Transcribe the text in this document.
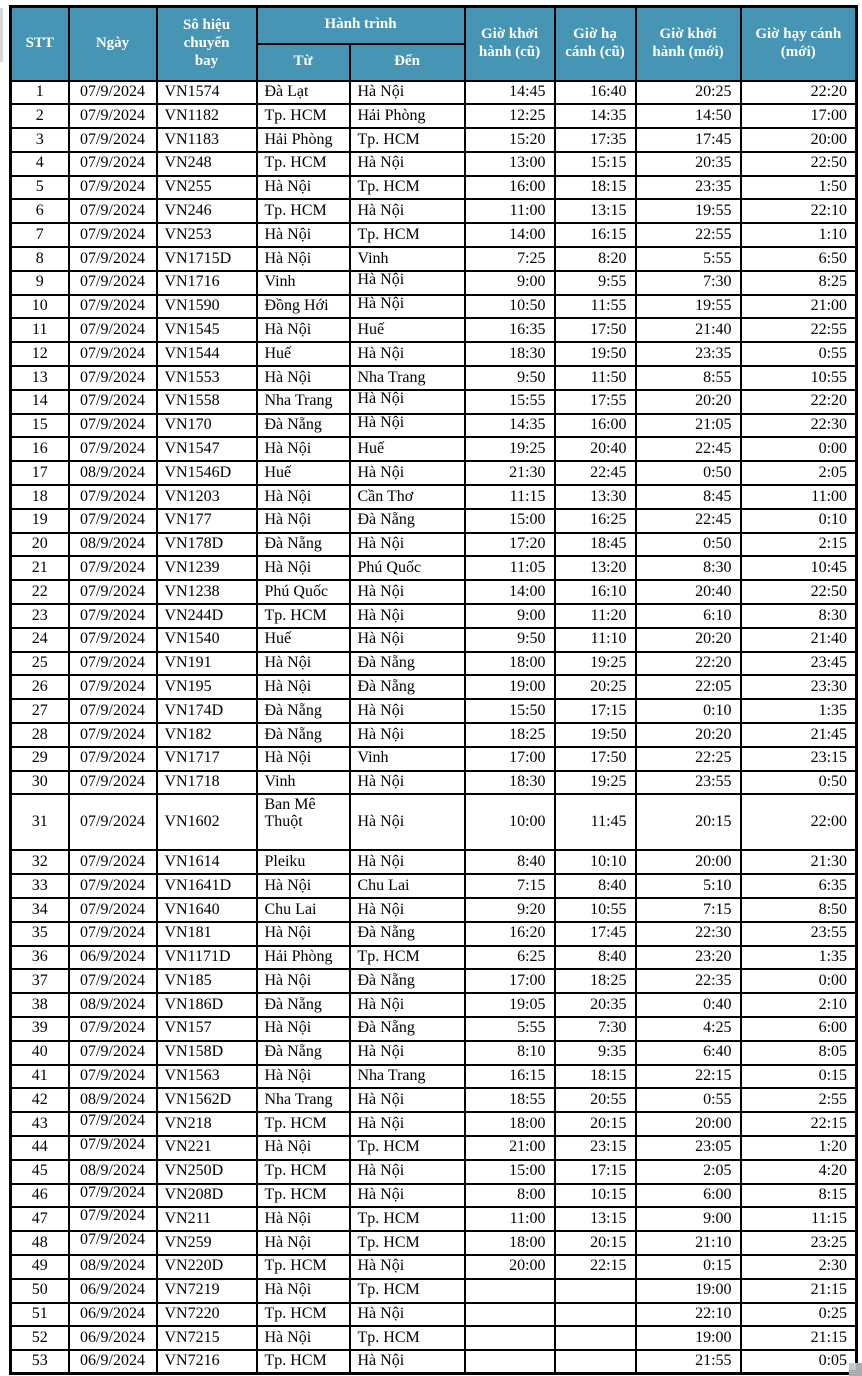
STT	Ngày	Sô hiệu chuyến bay	Hành trình		Giờ khởi hành (cũ)	Giờ hạ cánh (cũ)	Giờ khởi hành (mới)	Giờ hạy cánh (mới)
			Từ	Đến				
1	07/9/2024	VN1574	Đà Lạt	Hà Nội	14:45	16:40	20:25	22:20
2	07/9/2024	VN1182	Tp. HCM	Hải Phòng	12:25	14:35	14:50	17:00
3	07/9/2024	VN1183	Hải Phòng	Tp. HCM	15:20	17:35	17:45	20:00
4	07/9/2024	VN248	Tp. HCM	Hà Nội	13:00	15:15	20:35	22:50
5	07/9/2024	VN255	Hà Nội	Tp. HCM	16:00	18:15	23:35	1:50
6	07/9/2024	VN246	Tp. HCM	Hà Nội	11:00	13:15	19:55	22:10
7	07/9/2024	VN253	Hà Nội	Tp. HCM	14:00	16:15	22:55	1:10
8	07/9/2024	VN1715D	Hà Nội	Vinh	7:25	8:20	5:55	6:50
9	07/9/2024	VN1716	Vinh	Hà Nội	9:00	9:55	7:30	8:25
10	07/9/2024	VN1590	Đồng Hới	Hà Nội	10:50	11:55	19:55	21:00
11	07/9/2024	VN1545	Hà Nội	Huế	16:35	17:50	21:40	22:55
12	07/9/2024	VN1544	Huế	Hà Nội	18:30	19:50	23:35	0:55
13	07/9/2024	VN1553	Hà Nội	Nha Trang	9:50	11:50	8:55	10:55
14	07/9/2024	VN1558	Nha Trang	Hà Nội	15:55	17:55	20:20	22:20
15	07/9/2024	VN170	Đà Nẵng	Hà Nội	14:35	16:00	21:05	22:30
16	07/9/2024	VN1547	Hà Nội	Huế	19:25	20:40	22:45	0:00
17	08/9/2024	VN1546D	Huế	Hà Nội	21:30	22:45	0:50	2:05
18	07/9/2024	VN1203	Hà Nội	Cần Thơ	11:15	13:30	8:45	11:00
19	07/9/2024	VN177	Hà Nội	Đà Nẵng	15:00	16:25	22:45	0:10
20	08/9/2024	VN178D	Đà Nẵng	Hà Nội	17:20	18:45	0:50	2:15
21	07/9/2024	VN1239	Hà Nội	Phú Quốc	11:05	13:20	8:30	10:45
22	07/9/2024	VN1238	Phú Quốc	Hà Nội	14:00	16:10	20:40	22:50
23	07/9/2024	VN244D	Tp. HCM	Hà Nội	9:00	11:20	6:10	8:30
24	07/9/2024	VN1540	Huế	Hà Nội	9:50	11:10	20:20	21:40
25	07/9/2024	VN191	Hà Nội	Đà Nẵng	18:00	19:25	22:20	23:45
26	07/9/2024	VN195	Hà Nội	Đà Nẵng	19:00	20:25	22:05	23:30
27	07/9/2024	VN174D	Đà Nẵng	Hà Nội	15:50	17:15	0:10	1:35
28	07/9/2024	VN182	Đà Nẵng	Hà Nội	18:25	19:50	20:20	21:45
29	07/9/2024	VN1717	Hà Nội	Vinh	17:00	17:50	22:25	23:15
30	07/9/2024	VN1718	Vinh	Hà Nội	18:30	19:25	23:55	0:50
31	07/9/2024	VN1602	Ban Mê Thuột	Hà Nội	10:00	11:45	20:15	22:00
32	07/9/2024	VN1614	Pleiku	Hà Nội	8:40	10:10	20:00	21:30
33	07/9/2024	VN1641D	Hà Nội	Chu Lai	7:15	8:40	5:10	6:35
34	07/9/2024	VN1640	Chu Lai	Hà Nội	9:20	10:55	7:15	8:50
35	07/9/2024	VN181	Hà Nội	Đà Nẵng	16:20	17:45	22:30	23:55
36	06/9/2024	VN1171D	Hải Phòng	Tp. HCM	6:25	8:40	23:20	1:35
37	07/9/2024	VN185	Hà Nội	Đà Nẵng	17:00	18:25	22:35	0:00
38	08/9/2024	VN186D	Đà Nẵng	Hà Nội	19:05	20:35	0:40	2:10
39	07/9/2024	VN157	Hà Nội	Đà Nẵng	5:55	7:30	4:25	6:00
40	07/9/2024	VN158D	Đà Nẵng	Hà Nội	8:10	9:35	6:40	8:05
41	07/9/2024	VN1563	Hà Nội	Nha Trang	16:15	18:15	22:15	0:15
42	08/9/2024	VN1562D	Nha Trang	Hà Nội	18:55	20:55	0:55	2:55
43	07/9/2024	VN218	Tp. HCM	Hà Nội	18:00	20:15	20:00	22:15
44	07/9/2024	VN221	Hà Nội	Tp. HCM	21:00	23:15	23:05	1:20
45	08/9/2024	VN250D	Tp. HCM	Hà Nội	15:00	17:15	2:05	4:20
46	07/9/2024	VN208D	Tp. HCM	Hà Nội	8:00	10:15	6:00	8:15
47	07/9/2024	VN211	Hà Nội	Tp. HCM	11:00	13:15	9:00	11:15
48	07/9/2024	VN259	Hà Nội	Tp. HCM	18:00	20:15	21:10	23:25
49	08/9/2024	VN220D	Tp. HCM	Hà Nội	20:00	22:15	0:15	2:30
50	06/9/2024	VN7219	Hà Nội	Tp. HCM			19:00	21:15
51	06/9/2024	VN7220	Tp. HCM	Hà Nội			22:10	0:25
52	06/9/2024	VN7215	Hà Nội	Tp. HCM			19:00	21:15
53	06/9/2024	VN7216	Tp. HCM	Hà Nội			21:55	0:05
